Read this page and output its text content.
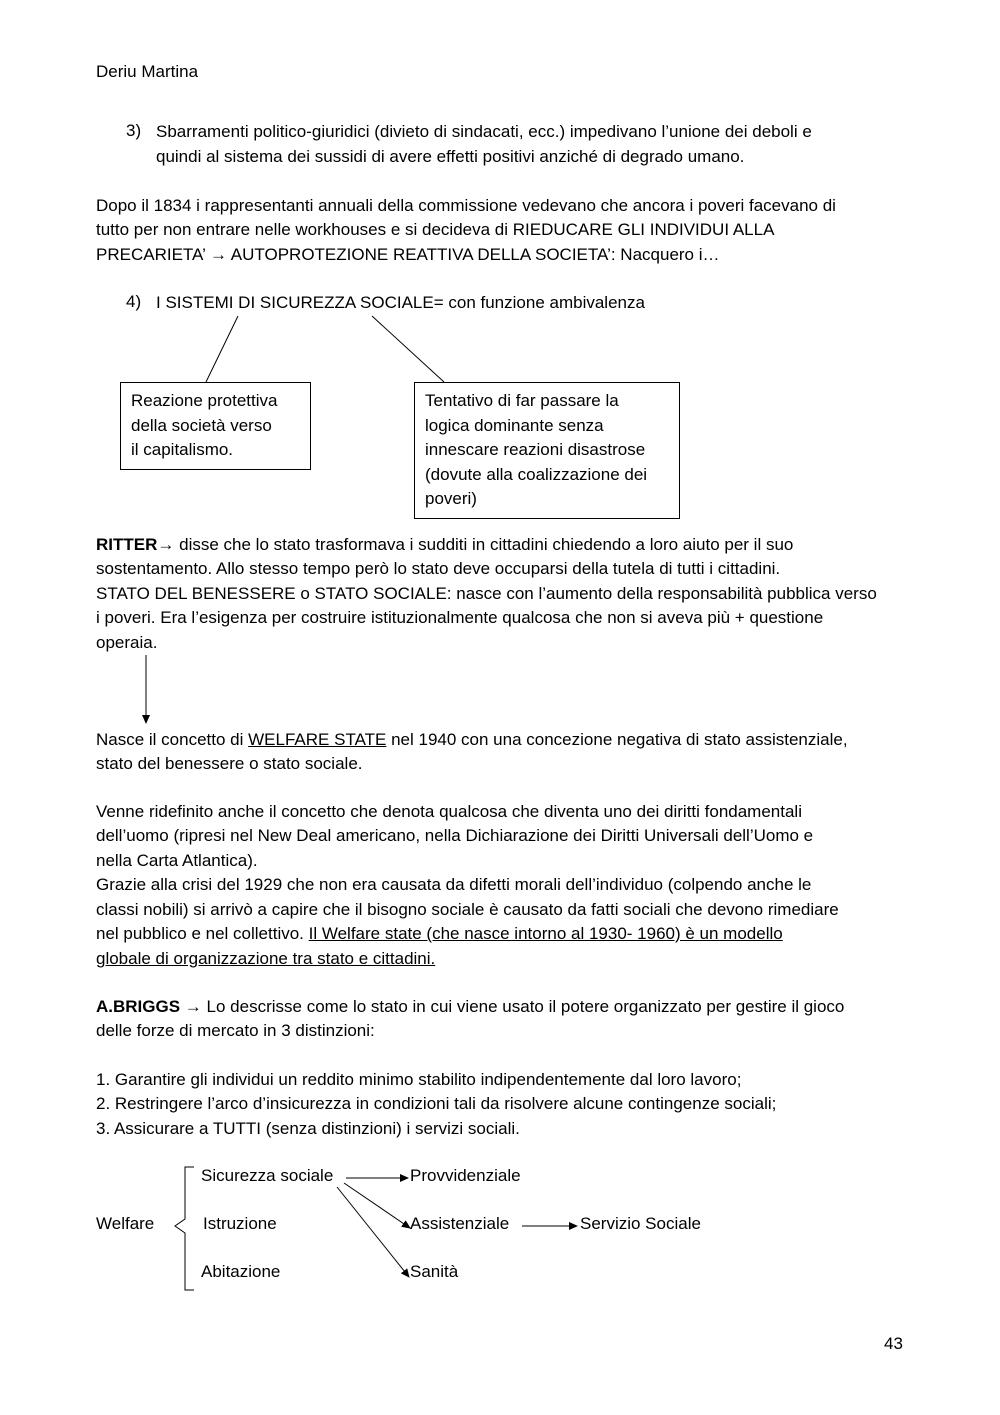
Deriu Martina
3) Sbarramenti politico-giuridici (divieto di sindacati, ecc.) impedivano l’unione dei deboli e
quindi al sistema dei sussidi di avere effetti positivi anziché di degrado umano.
Dopo il 1834 i rappresentanti annuali della commissione vedevano che ancora i poveri facevano di
tutto per non entrare nelle workhouses e si decideva di RIEDUCARE GLI INDIVIDUI ALLA
PRECARIETA’ → AUTOPROTEZIONE REATTIVA DELLA SOCIETA’: Nacquero i…
4) I SISTEMI DI SICUREZZA SOCIALE= con funzione ambivalenza
Reazione protettiva
della società verso
il capitalismo.
Tentativo di far passare la
logica dominante senza
innescare reazioni disastrose
(dovute alla coalizzazione dei
poveri)
RITTER→ disse che lo stato trasformava i sudditi in cittadini chiedendo a loro aiuto per il suo
sostentamento. Allo stesso tempo però lo stato deve occuparsi della tutela di tutti i cittadini.
STATO DEL BENESSERE o STATO SOCIALE: nasce con l’aumento della responsabilità pubblica verso
i poveri. Era l’esigenza per costruire istituzionalmente qualcosa che non si aveva più + questione
operaia.
Nasce il concetto di WELFARE STATE nel 1940 con una concezione negativa di stato assistenziale,
stato del benessere o stato sociale.
Venne ridefinito anche il concetto che denota qualcosa che diventa uno dei diritti fondamentali
dell’uomo (ripresi nel New Deal americano, nella Dichiarazione dei Diritti Universali dell’Uomo e
nella Carta Atlantica).
Grazie alla crisi del 1929 che non era causata da difetti morali dell’individuo (colpendo anche le
classi nobili) si arrivò a capire che il bisogno sociale è causato da fatti sociali che devono rimediare
nel pubblico e nel collettivo. Il Welfare state (che nasce intorno al 1930- 1960) è un modello
globale di organizzazione tra stato e cittadini.
A.BRIGGS → Lo descrisse come lo stato in cui viene usato il potere organizzato per gestire il gioco
delle forze di mercato in 3 distinzioni:
1. Garantire gli individui un reddito minimo stabilito indipendentemente dal loro lavoro;
2. Restringere l’arco d’insicurezza in condizioni tali da risolvere alcune contingenze sociali;
3. Assicurare a TUTTI (senza distinzioni) i servizi sociali.
Welfare
Sicurezza sociale
Istruzione
Abitazione
Provvidenziale
Assistenziale
Sanità
Servizio Sociale
43
